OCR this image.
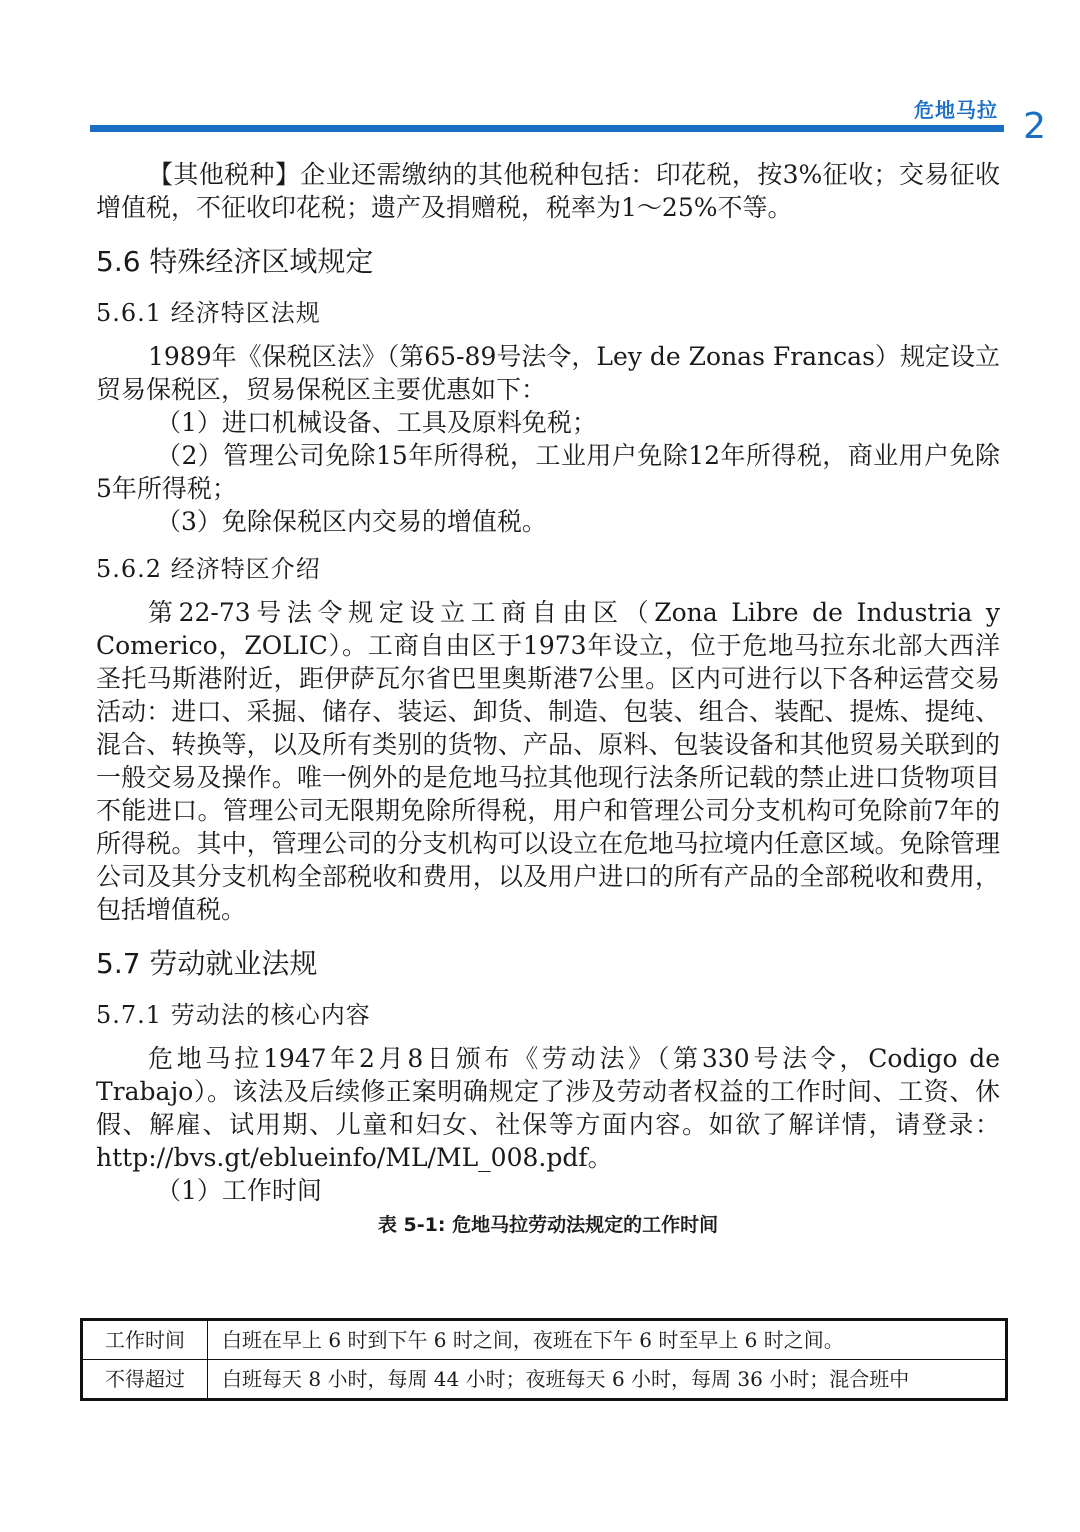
危地马拉 2

【其他税种】企业还需缴纳的其他税种包括：印花税，按3%征收；交易征收增值税，不征收印花税；遗产及捐赠税，税率为1～25%不等。

5.6 特殊经济区域规定
5.6.1 经济特区法规

1989年《保税区法》（第65-89号法令，Ley de Zonas Francas）规定设立贸易保税区，贸易保税区主要优惠如下：

（1）进口机械设备、工具及原料免税；

（2）管理公司免除15年所得税，工业用户免除12年所得税，商业用户免除5年所得税；

（3）免除保税区内交易的增值税。

5.6.2 经济特区介绍

第22-73号法令规定设立工商自由区（Zona Libre de Industria y Comerico，ZOLIC）。工商自由区于1973年设立，位于危地马拉东北部大西洋圣托马斯港附近，距伊萨瓦尔省巴里奥斯港7公里。区内可进行以下各种运营交易活动：进口、采掘、储存、装运、卸货、制造、包装、组合、装配、提炼、提纯、混合、转换等，以及所有类别的货物、产品、原料、包装设备和其他贸易关联到的一般交易及操作。唯一例外的是危地马拉其他现行法条所记载的禁止进口货物项目不能进口。管理公司无限期免除所得税，用户和管理公司分支机构可免除前7年的所得税。其中，管理公司的分支机构可以设立在危地马拉境内任意区域。免除管理公司及其分支机构全部税收和费用，以及用户进口的所有产品的全部税收和费用，包括增值税。

5.7 劳动就业法规
5.7.1 劳动法的核心内容

危地马拉1947年2月8日颁布《劳动法》（第330号法令，Codigo de Trabajo）。该法及后续修正案明确规定了涉及劳动者权益的工作时间、工资、休假、解雇、试用期、儿童和妇女、社保等方面内容。如欲了解详情，请登录：http://bvs.gt/eblueinfo/ML/ML_008.pdf。

（1）工作时间

表 5-1: 危地马拉劳动法规定的工作时间
工作时间	白班在早上 6 时到下午 6 时之间，夜班在下午 6 时至早上 6 时之间。
不得超过	白班每天 8 小时，每周 44 小时；夜班每天 6 小时，每周 36 小时；混合班中
